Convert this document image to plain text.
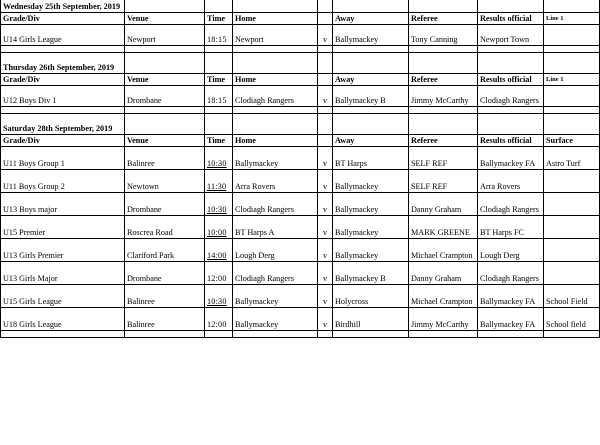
Wednesday 25th September, 2019								
Grade/Div	Venue	Time	Home		Away	Referee	Results official	Line 1
U14 Girls League	Newport	18:15	Newport	v	Ballymackey	Tony Canning	Newport Town	

Thursday 26th September, 2019								
Grade/Div	Venue	Time	Home		Away	Referee	Results official	Line 1
U12 Boys Div 1	Drombane	18:15	Clodiagh Rangers	v	Ballymackey B	Jimmy McCarthy	Clodiagh Rangers	

Saturday 28th September, 2019								
Grade/Div	Venue	Time	Home		Away	Referee	Results official	Surface
U11 Boys Group 1	Balinree	10:30	Ballymackey	v	BT Harps	SELF REF	Ballymackey FA	Astro Turf
U11 Boys Group 2	Newtown	11:30	Arra Rovers	v	Ballymackey	SELF REF	Arra Rovers	
U13 Boys major	Drombane	10:30	Clodiagh Rangers	v	Ballymackey	Danny Graham	Clodiagh Rangers	
U15 Premier	Roscrea Road	10:00	BT Harps A	v	Ballymackey	MARK GREENE	BT Harps FC	
U13 Girls Premier	Clariford Park	14:00	Lough Derg	v	Ballymackey	Michael Crampton	Lough Derg	
U13 Girls Major	Drombane	12:00	Clodiagh Rangers	v	Ballymackey B	Danny Graham	Clodiagh Rangers	
U15 Girls League	Balinree	10:30	Ballymackey	v	Holycross	Michael Crampton	Ballymackey FA	School Field
U18 Girls League	Balinree	12:00	Ballymackey	v	Birdhill	Jimmy McCarthy	Ballymackey FA	School field
